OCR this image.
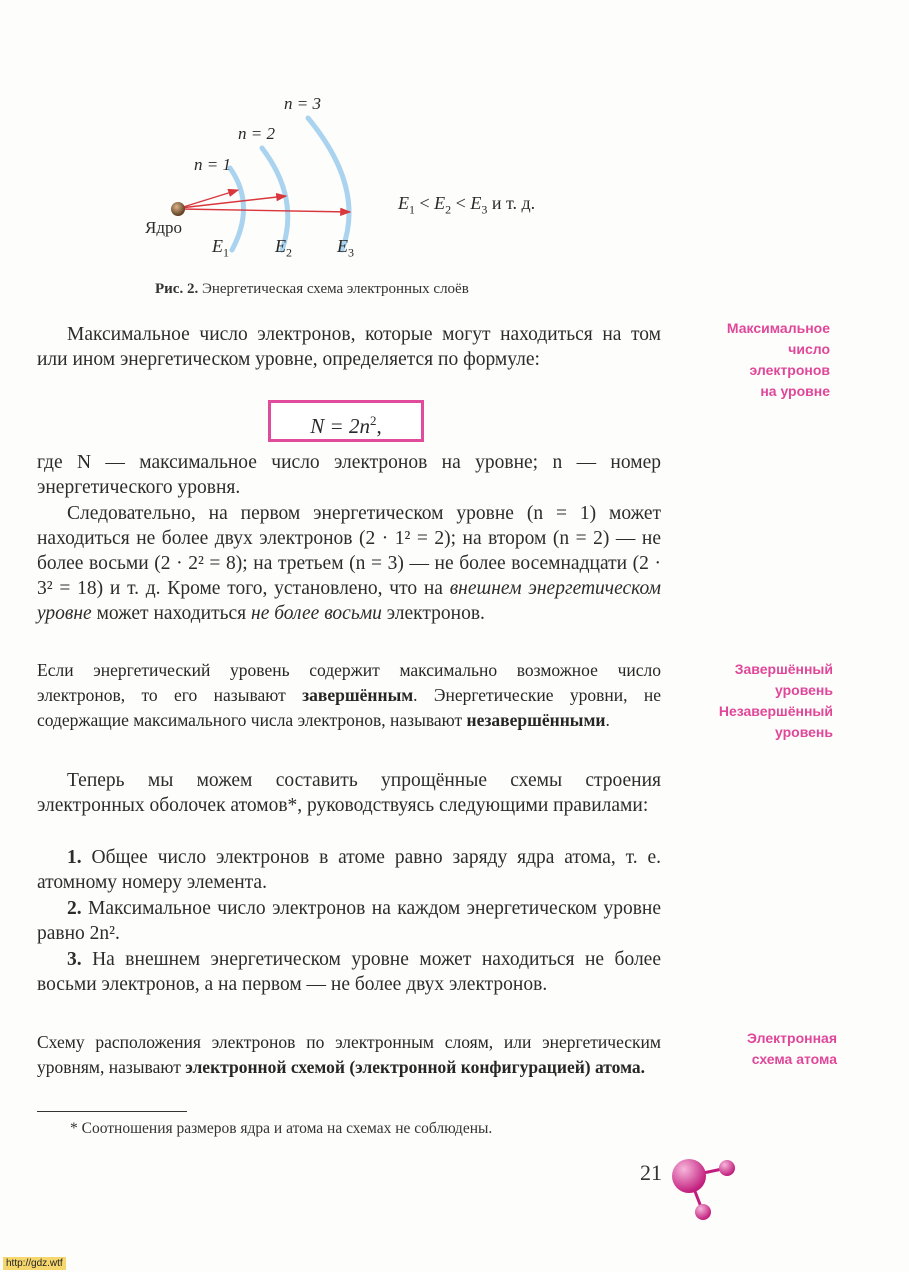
n = 1
n = 2
n = 3
Ядро
$E_1$	$E_2$	$E_3$
$E_1 < E_2 < E_3$ и т. д.
Рис. 2. Энергетическая схема электронных слоёв
Максимальное
число
электронов
на уровне
Завершённый
уровень
Незавершённый
уровень
Электронная
схема атома
Максимальное число электронов, которые могут находиться на том или ином энергетическом уровне, определяется по формуле:
$N = 2n^2$,
где N — максимальное число электронов на уровне; n — номер энергетического уровня.
Следовательно, на первом энергетическом уровне (n = 1) может находиться не более двух электронов (2 · 1² = 2); на втором (n = 2) — не более восьми (2 · 2² = 8); на третьем (n = 3) — не более восемнадцати (2 · 3² = 18) и т. д. Кроме того, установлено, что на внешнем энергетическом уровне может находиться не более восьми электронов.
Если энергетический уровень содержит максимально возможное число электронов, то его называют завершённым. Энергетические уровни, не содержащие максимального числа электронов, называют незавершёнными.
Теперь мы можем составить упрощённые схемы строения электронных оболочек атомов*, руководствуясь следующими правилами:
1. Общее число электронов в атоме равно заряду ядра атома, т. е. атомному номеру элемента.
2. Максимальное число электронов на каждом энергетическом уровне равно 2n².
3. На внешнем энергетическом уровне может находиться не более восьми электронов, а на первом — не более двух электронов.
Схему расположения электронов по электронным слоям, или энергетическим уровням, называют электронной схемой (электронной конфигурацией) атома.
* Соотношения размеров ядра и атома на схемах не соблюдены.
21
http://gdz.wtf
